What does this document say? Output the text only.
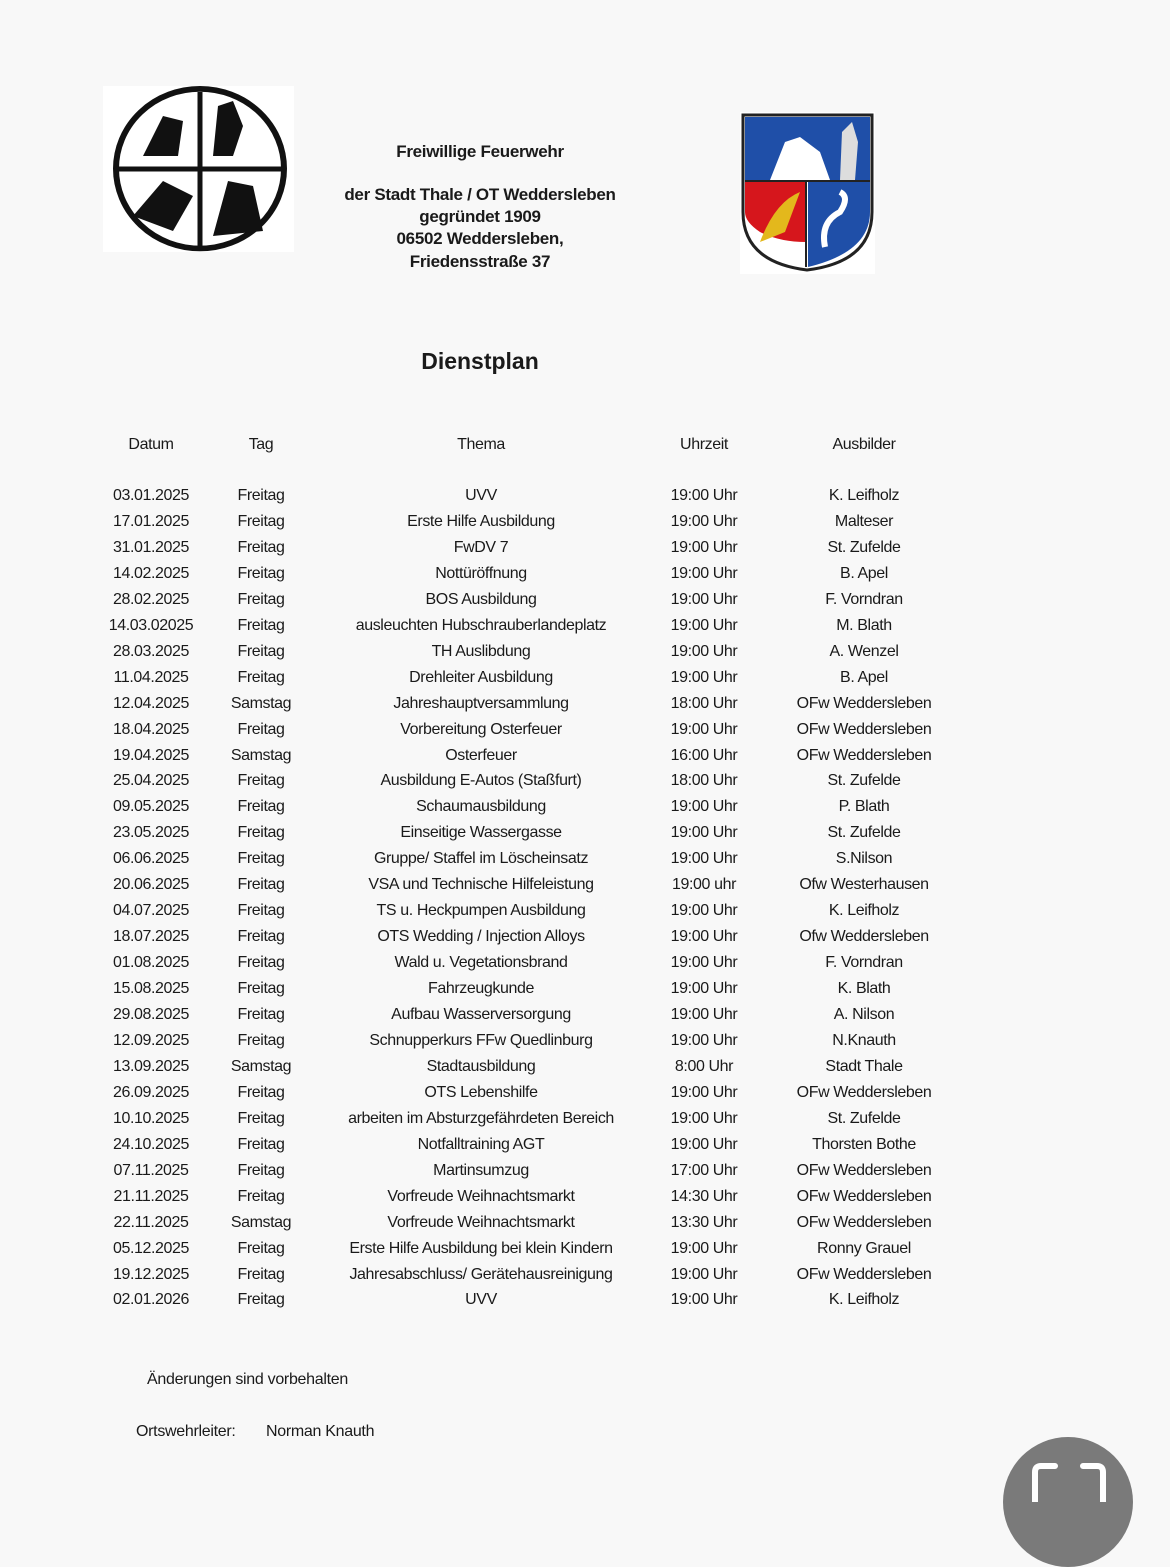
Freiwillige Feuerwehr
der Stadt Thale / OT Weddersleben
gegründet 1909
06502 Weddersleben,
Friedensstraße 37
Dienstplan
Datum	Tag	Thema	Uhrzeit	Ausbilder
03.01.2025	Freitag	UVV	19:00 Uhr	K. Leifholz
17.01.2025	Freitag	Erste Hilfe Ausbildung	19:00 Uhr	Malteser
31.01.2025	Freitag	FwDV 7	19:00 Uhr	St. Zufelde
14.02.2025	Freitag	Nottüröffnung	19:00 Uhr	B. Apel
28.02.2025	Freitag	BOS Ausbildung	19:00 Uhr	F. Vorndran
14.03.02025	Freitag	ausleuchten Hubschrauberlandeplatz	19:00 Uhr	M. Blath
28.03.2025	Freitag	TH Auslibdung	19:00 Uhr	A. Wenzel
11.04.2025	Freitag	Drehleiter Ausbildung	19:00 Uhr	B. Apel
12.04.2025	Samstag	Jahreshauptversammlung	18:00 Uhr	OFw Weddersleben
18.04.2025	Freitag	Vorbereitung Osterfeuer	19:00 Uhr	OFw Weddersleben
19.04.2025	Samstag	Osterfeuer	16:00 Uhr	OFw Weddersleben
25.04.2025	Freitag	Ausbildung E-Autos (Staßfurt)	18:00 Uhr	St. Zufelde
09.05.2025	Freitag	Schaumausbildung	19:00 Uhr	P. Blath
23.05.2025	Freitag	Einseitige Wassergasse	19:00 Uhr	St. Zufelde
06.06.2025	Freitag	Gruppe/ Staffel im Löscheinsatz	19:00 Uhr	S.Nilson
20.06.2025	Freitag	VSA und Technische Hilfeleistung	19:00 uhr	Ofw Westerhausen
04.07.2025	Freitag	TS u. Heckpumpen Ausbildung	19:00 Uhr	K. Leifholz
18.07.2025	Freitag	OTS Wedding / Injection Alloys	19:00 Uhr	Ofw Weddersleben
01.08.2025	Freitag	Wald u. Vegetationsbrand	19:00 Uhr	F. Vorndran
15.08.2025	Freitag	Fahrzeugkunde	19:00 Uhr	K. Blath
29.08.2025	Freitag	Aufbau Wasserversorgung	19:00 Uhr	A. Nilson
12.09.2025	Freitag	Schnupperkurs FFw Quedlinburg	19:00 Uhr	N.Knauth
13.09.2025	Samstag	Stadtausbildung	8:00 Uhr	Stadt Thale
26.09.2025	Freitag	OTS Lebenshilfe	19:00 Uhr	OFw Weddersleben
10.10.2025	Freitag	arbeiten im Absturzgefährdeten Bereich	19:00 Uhr	St. Zufelde
24.10.2025	Freitag	Notfalltraining AGT	19:00 Uhr	Thorsten Bothe
07.11.2025	Freitag	Martinsumzug	17:00 Uhr	OFw Weddersleben
21.11.2025	Freitag	Vorfreude Weihnachtsmarkt	14:30 Uhr	OFw Weddersleben
22.11.2025	Samstag	Vorfreude Weihnachtsmarkt	13:30 Uhr	OFw Weddersleben
05.12.2025	Freitag	Erste Hilfe Ausbildung bei klein Kindern	19:00 Uhr	Ronny Grauel
19.12.2025	Freitag	Jahresabschluss/ Gerätehausreinigung	19:00 Uhr	OFw Weddersleben
02.01.2026	Freitag	UVV	19:00 Uhr	K. Leifholz
Änderungen sind vorbehalten
Ortswehrleiter: Norman Knauth
